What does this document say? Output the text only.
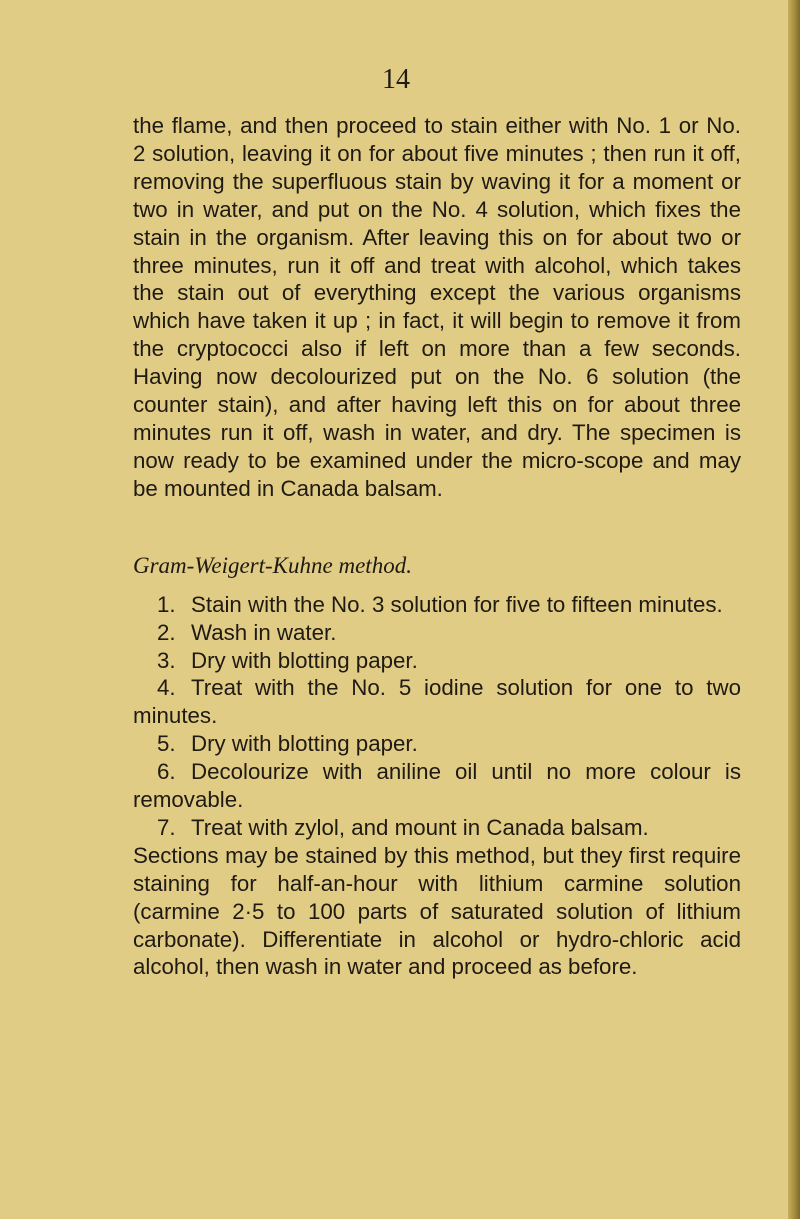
14

the flame, and then proceed to stain either with No. 1 or No. 2 solution, leaving it on for about five minutes ; then run it off, removing the superfluous stain by waving it for a moment or two in water, and put on the No. 4 solution, which fixes the stain in the organism. After leaving this on for about two or three minutes, run it off and treat with alcohol, which takes the stain out of everything except the various organisms which have taken it up ; in fact, it will begin to remove it from the cryptococci also if left on more than a few seconds. Having now decolourized put on the No. 6 solution (the counter stain), and after having left this on for about three minutes run it off, wash in water, and dry. The specimen is now ready to be examined under the micro-scope and may be mounted in Canada balsam.

Gram-Weigert-Kuhne method.

1. Stain with the No. 3 solution for five to fifteen minutes.
2. Wash in water.
3. Dry with blotting paper.
4. Treat with the No. 5 iodine solution for one to two minutes.
5. Dry with blotting paper.
6. Decolourize with aniline oil until no more colour is removable.
7. Treat with zylol, and mount in Canada balsam.

Sections may be stained by this method, but they first require staining for half-an-hour with lithium carmine solution (carmine 2·5 to 100 parts of saturated solution of lithium carbonate). Differentiate in alcohol or hydro-chloric acid alcohol, then wash in water and proceed as before.
